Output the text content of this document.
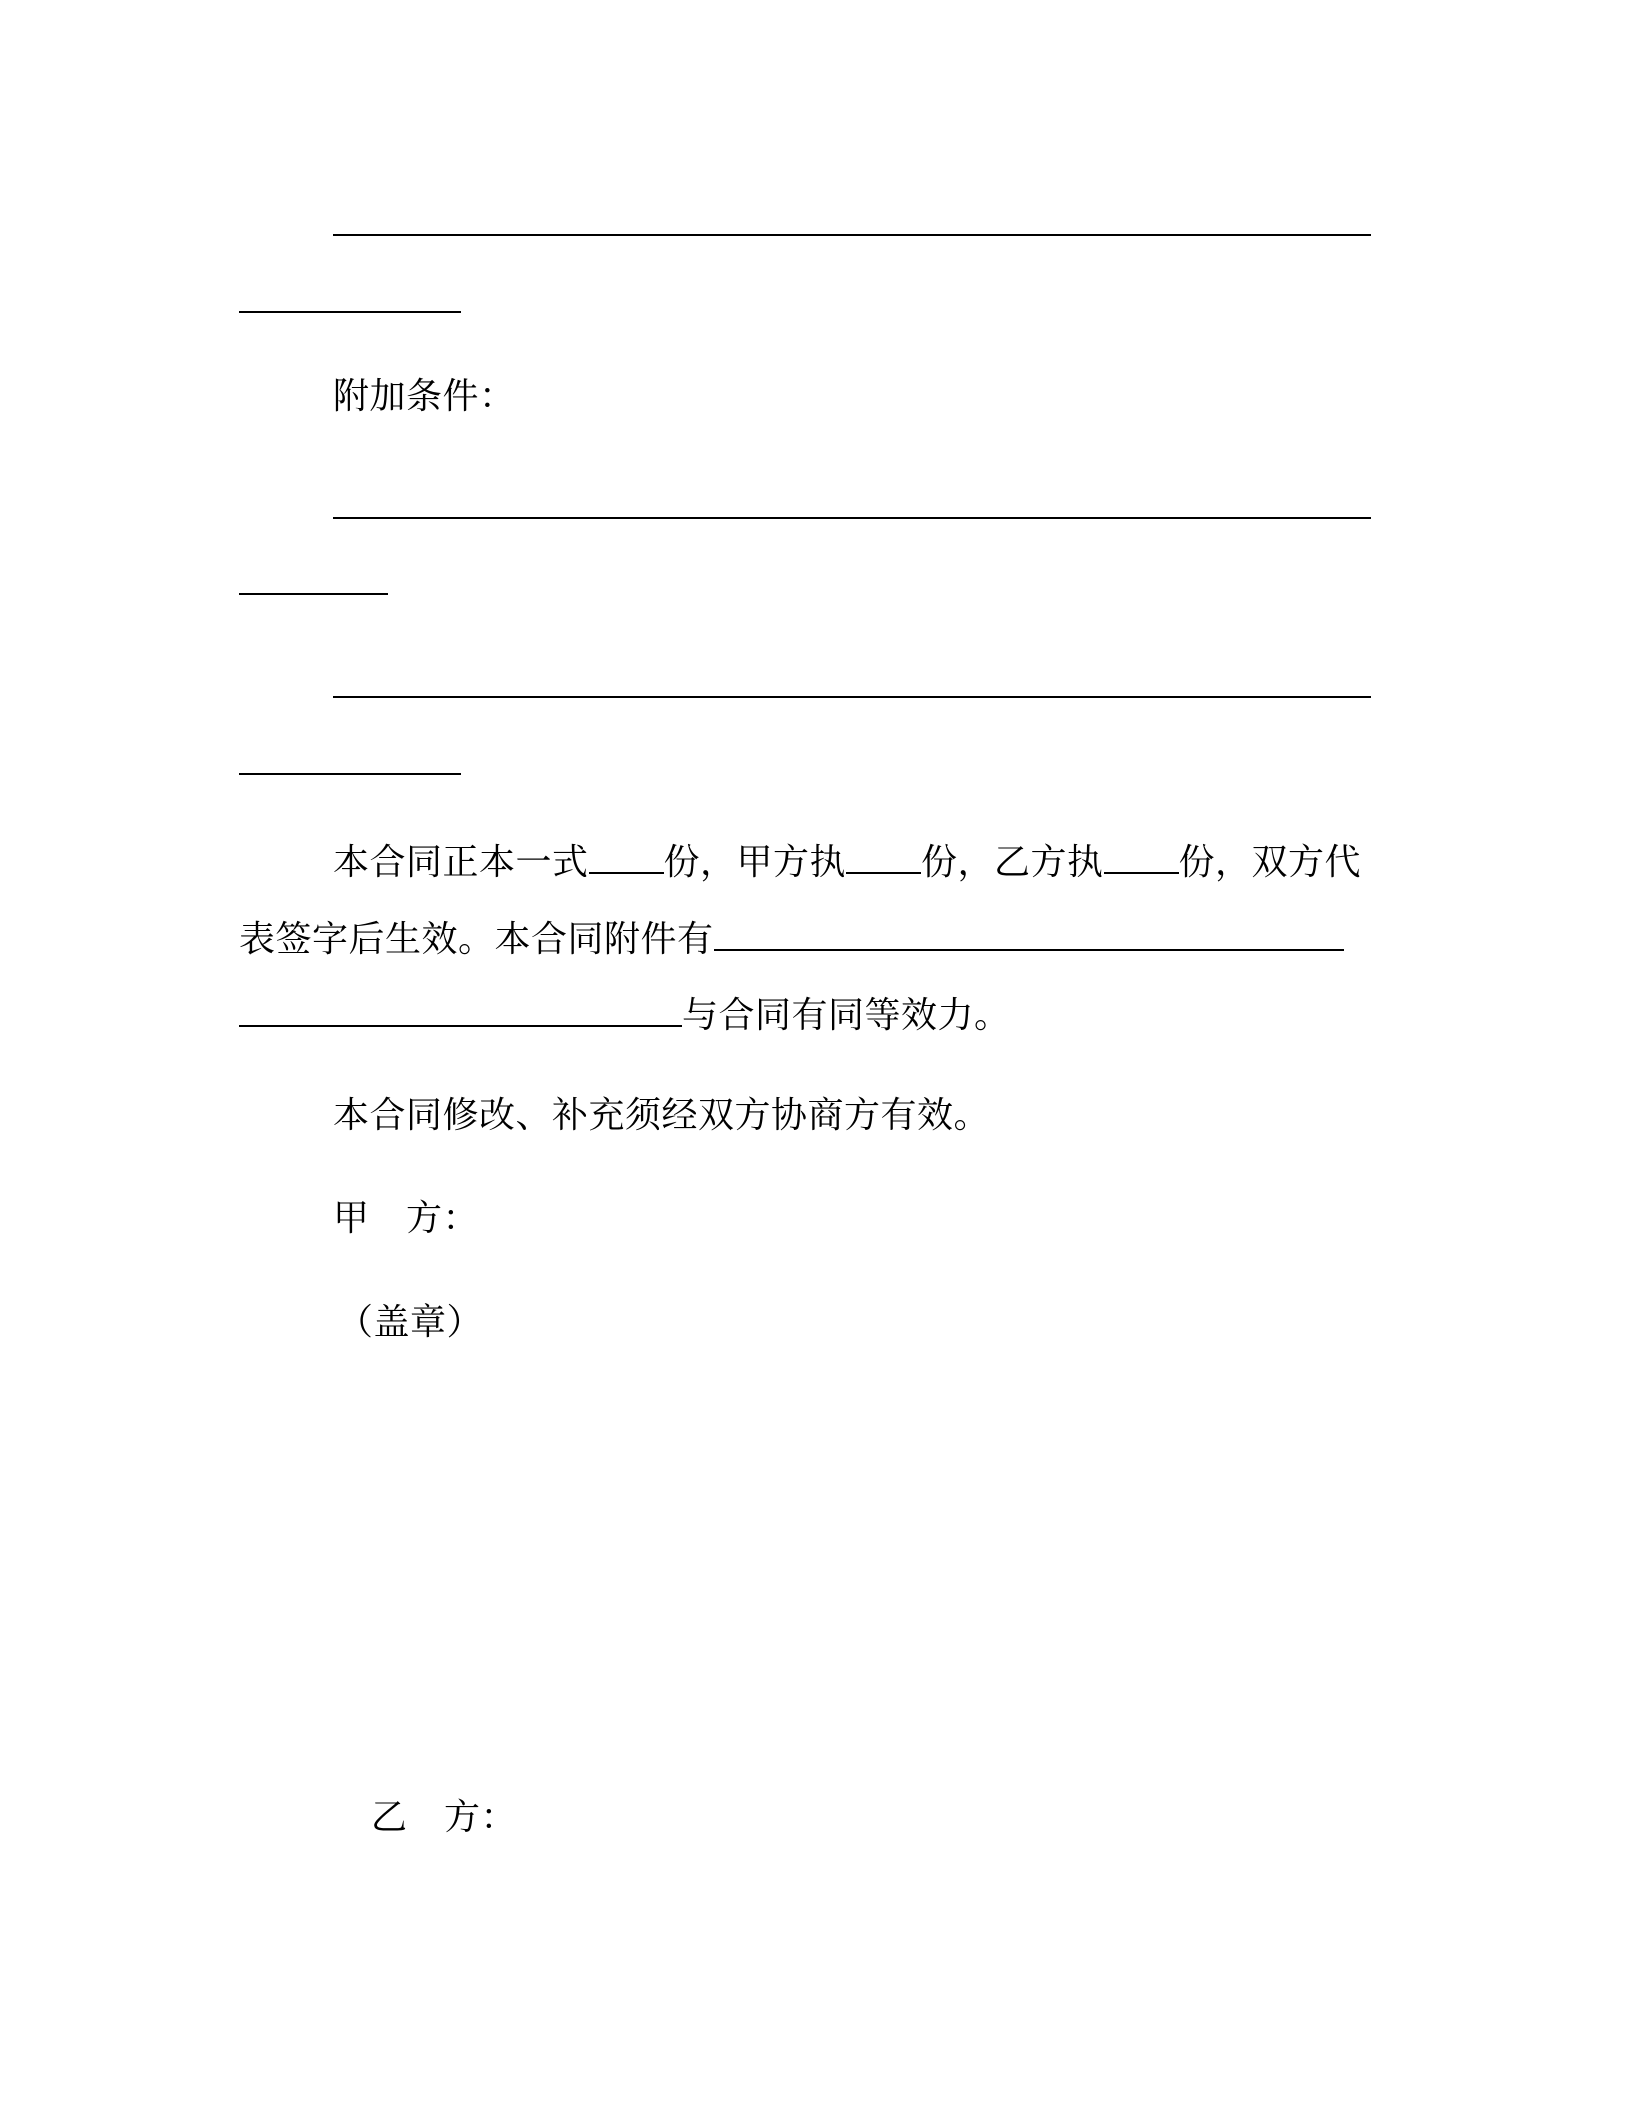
附加条件：
本合同正本一式 份，甲方执 份，乙方执 份，双方代
表签字后生效。本合同附件有
与合同有同等效力。
本合同修改、补充须经双方协商方有效。
甲　方：
（盖章）
乙　方：
